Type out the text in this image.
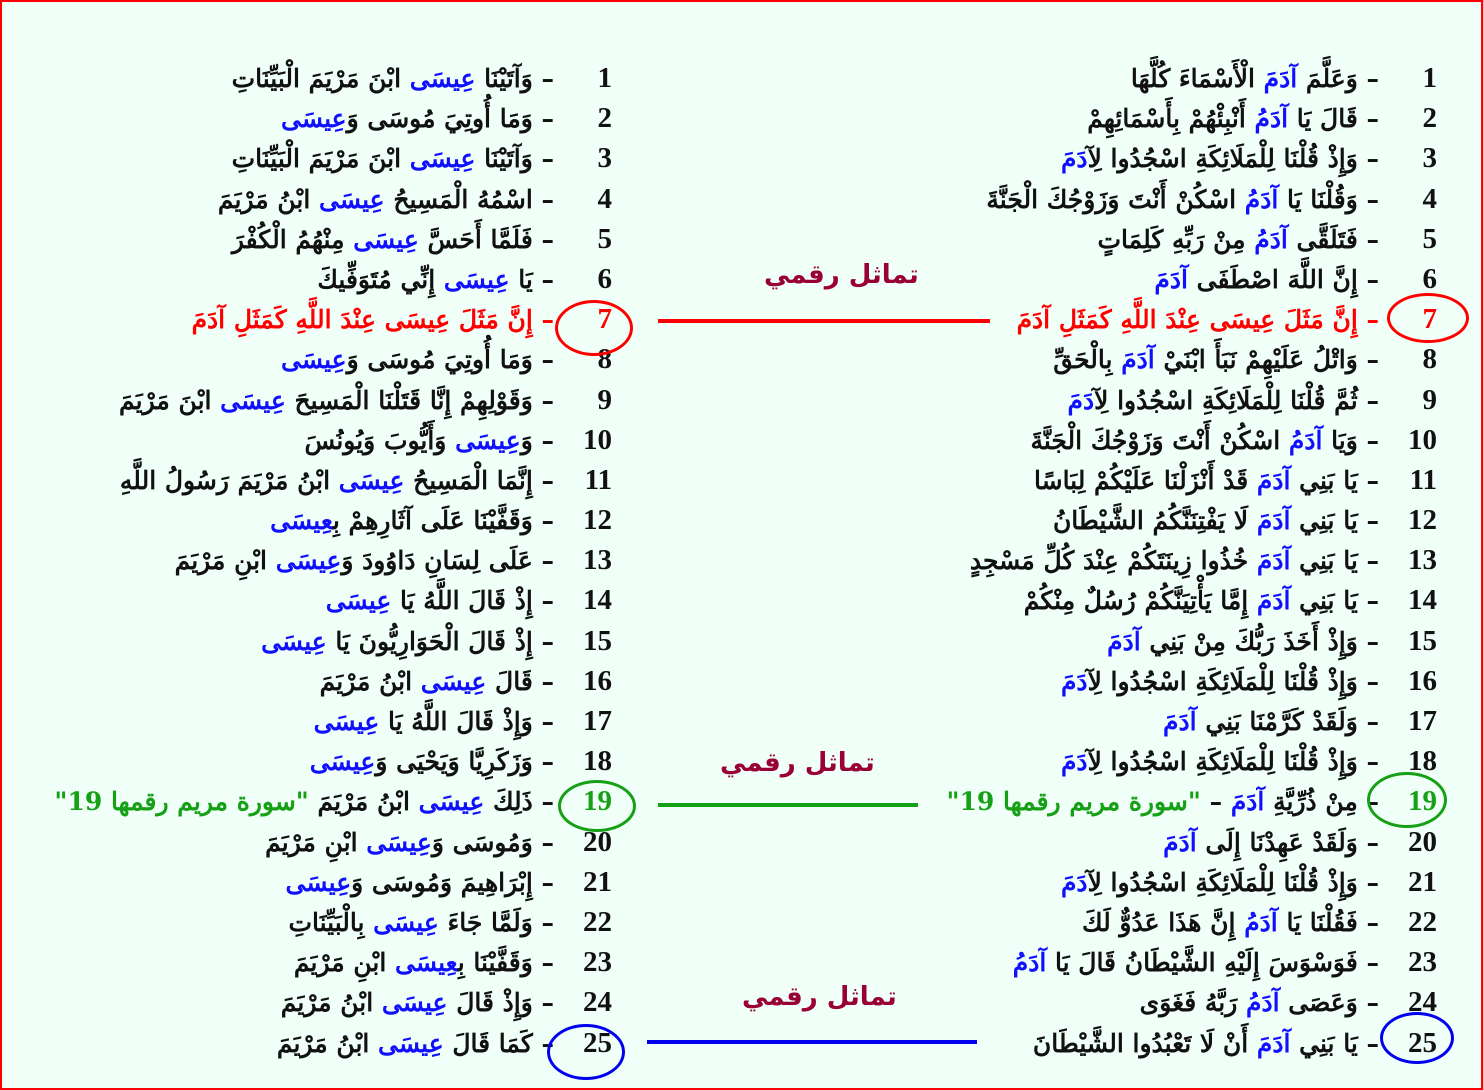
1– وَعَلَّمَ آدَمَ الْأَسْمَاءَ كُلَّهَا
2– قَالَ يَا آدَمُ أَنْبِئْهُمْ بِأَسْمَائِهِمْ
3– وَإِذْ قُلْنَا لِلْمَلَائِكَةِ اسْجُدُوا لِآدَمَ
4– وَقُلْنَا يَا آدَمُ اسْكُنْ أَنْتَ وَزَوْجُكَ الْجَنَّةَ
5– فَتَلَقَّى آدَمُ مِنْ رَبِّهِ كَلِمَاتٍ
6– إِنَّ اللَّهَ اصْطَفَى آدَمَ
7– إِنَّ مَثَلَ عِيسَى عِنْدَ اللَّهِ كَمَثَلِ آدَمَ
8– وَاتْلُ عَلَيْهِمْ نَبَأَ ابْنَيْ آدَمَ بِالْحَقِّ
9– ثُمَّ قُلْنَا لِلْمَلَائِكَةِ اسْجُدُوا لِآدَمَ
10– وَيَا آدَمُ اسْكُنْ أَنْتَ وَزَوْجُكَ الْجَنَّةَ
11– يَا بَنِي آدَمَ قَدْ أَنْزَلْنَا عَلَيْكُمْ لِبَاسًا
12– يَا بَنِي آدَمَ لَا يَفْتِنَنَّكُمُ الشَّيْطَانُ
13– يَا بَنِي آدَمَ خُذُوا زِينَتَكُمْ عِنْدَ كُلِّ مَسْجِدٍ
14– يَا بَنِي آدَمَ إِمَّا يَأْتِيَنَّكُمْ رُسُلٌ مِنْكُمْ
15– وَإِذْ أَخَذَ رَبُّكَ مِنْ بَنِي آدَمَ
16– وَإِذْ قُلْنَا لِلْمَلَائِكَةِ اسْجُدُوا لِآدَمَ
17– وَلَقَدْ كَرَّمْنَا بَنِي آدَمَ
18– وَإِذْ قُلْنَا لِلْمَلَائِكَةِ اسْجُدُوا لِآدَمَ
19– مِنْ ذُرِّيَّةِ آدَمَ – "سورة مريم رقمها 19"
20– وَلَقَدْ عَهِدْنَا إِلَى آدَمَ
21– وَإِذْ قُلْنَا لِلْمَلَائِكَةِ اسْجُدُوا لِآدَمَ
22– فَقُلْنَا يَا آدَمُ إِنَّ هَذَا عَدُوٌّ لَكَ
23– فَوَسْوَسَ إِلَيْهِ الشَّيْطَانُ قَالَ يَا آدَمُ
24– وَعَصَى آدَمُ رَبَّهُ فَغَوَى
25– يَا بَنِي آدَمَ أَنْ لَا تَعْبُدُوا الشَّيْطَانَ
1– وَآتَيْنَا عِيسَى ابْنَ مَرْيَمَ الْبَيِّنَاتِ
2– وَمَا أُوتِيَ مُوسَى وَعِيسَى
3– وَآتَيْنَا عِيسَى ابْنَ مَرْيَمَ الْبَيِّنَاتِ
4– اسْمُهُ الْمَسِيحُ عِيسَى ابْنُ مَرْيَمَ
5– فَلَمَّا أَحَسَّ عِيسَى مِنْهُمُ الْكُفْرَ
6– يَا عِيسَى إِنِّي مُتَوَفِّيكَ
7– إِنَّ مَثَلَ عِيسَى عِنْدَ اللَّهِ كَمَثَلِ آدَمَ
8– وَمَا أُوتِيَ مُوسَى وَعِيسَى
9– وَقَوْلِهِمْ إِنَّا قَتَلْنَا الْمَسِيحَ عِيسَى ابْنَ مَرْيَمَ
10– وَعِيسَى وَأَيُّوبَ وَيُونُسَ
11– إِنَّمَا الْمَسِيحُ عِيسَى ابْنُ مَرْيَمَ رَسُولُ اللَّهِ
12– وَقَفَّيْنَا عَلَى آثَارِهِمْ بِعِيسَى
13– عَلَى لِسَانِ دَاوُودَ وَعِيسَى ابْنِ مَرْيَمَ
14– إِذْ قَالَ اللَّهُ يَا عِيسَى
15– إِذْ قَالَ الْحَوَارِيُّونَ يَا عِيسَى
16– قَالَ عِيسَى ابْنُ مَرْيَمَ
17– وَإِذْ قَالَ اللَّهُ يَا عِيسَى
18– وَزَكَرِيَّا وَيَحْيَى وَعِيسَى
19– ذَلِكَ عِيسَى ابْنُ مَرْيَمَ "سورة مريم رقمها 19"
20– وَمُوسَى وَعِيسَى ابْنِ مَرْيَمَ
21– إِبْرَاهِيمَ وَمُوسَى وَعِيسَى
22– وَلَمَّا جَاءَ عِيسَى بِالْبَيِّنَاتِ
23– وَقَفَّيْنَا بِعِيسَى ابْنِ مَرْيَمَ
24– وَإِذْ قَالَ عِيسَى ابْنُ مَرْيَمَ
25– كَمَا قَالَ عِيسَى ابْنُ مَرْيَمَ
تماثل رقمي
تماثل رقمي
تماثل رقمي
